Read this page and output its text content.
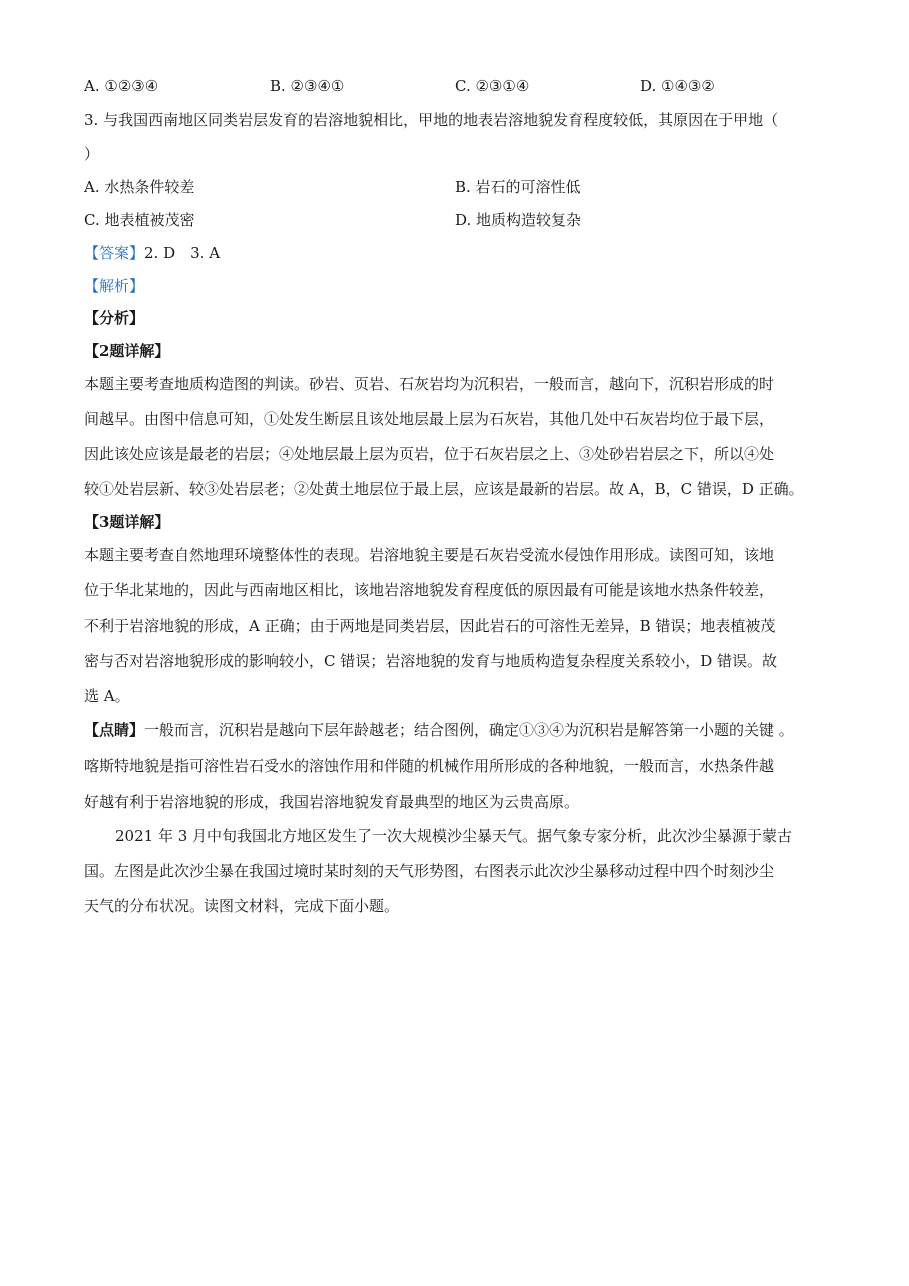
A. ①②③④	B. ②③④①	C. ②③①④	D. ①④③②
3. 与我国西南地区同类岩层发育的岩溶地貌相比，甲地的地表岩溶地貌发育程度较低，其原因在于甲地（
）
A. 水热条件较差	B. 岩石的可溶性低
C. 地表植被茂密	D. 地质构造较复杂
【答案】2. D　3. A
【解析】
【分析】
【2题详解】
本题主要考查地质构造图的判读。砂岩、页岩、石灰岩均为沉积岩，一般而言，越向下，沉积岩形成的时
间越早。由图中信息可知，①处发生断层且该处地层最上层为石灰岩，其他几处中石灰岩均位于最下层，
因此该处应该是最老的岩层；④处地层最上层为页岩，位于石灰岩层之上、③处砂岩岩层之下，所以④处
较①处岩层新、较③处岩层老；②处黄土地层位于最上层，应该是最新的岩层。故 A，B，C 错误，D 正确。
【3题详解】
本题主要考查自然地理环境整体性的表现。岩溶地貌主要是石灰岩受流水侵蚀作用形成。读图可知，该地
位于华北某地的，因此与西南地区相比，该地岩溶地貌发育程度低的原因最有可能是该地水热条件较差，
不利于岩溶地貌的形成，A 正确；由于两地是同类岩层，因此岩石的可溶性无差异，B 错误；地表植被茂
密与否对岩溶地貌形成的影响较小，C 错误；岩溶地貌的发育与地质构造复杂程度关系较小，D 错误。故
选 A。
【点睛】一般而言，沉积岩是越向下层年龄越老；结合图例，确定①③④为沉积岩是解答第一小题的关键 。
喀斯特地貌是指可溶性岩石受水的溶蚀作用和伴随的机械作用所形成的各种地貌，一般而言，水热条件越
好越有利于岩溶地貌的形成，我国岩溶地貌发育最典型的地区为云贵高原。
2021 年 3 月中旬我国北方地区发生了一次大规模沙尘暴天气。据气象专家分析，此次沙尘暴源于蒙古
国。左图是此次沙尘暴在我国过境时某时刻的天气形势图，右图表示此次沙尘暴移动过程中四个时刻沙尘
天气的分布状况。读图文材料，完成下面小题。
